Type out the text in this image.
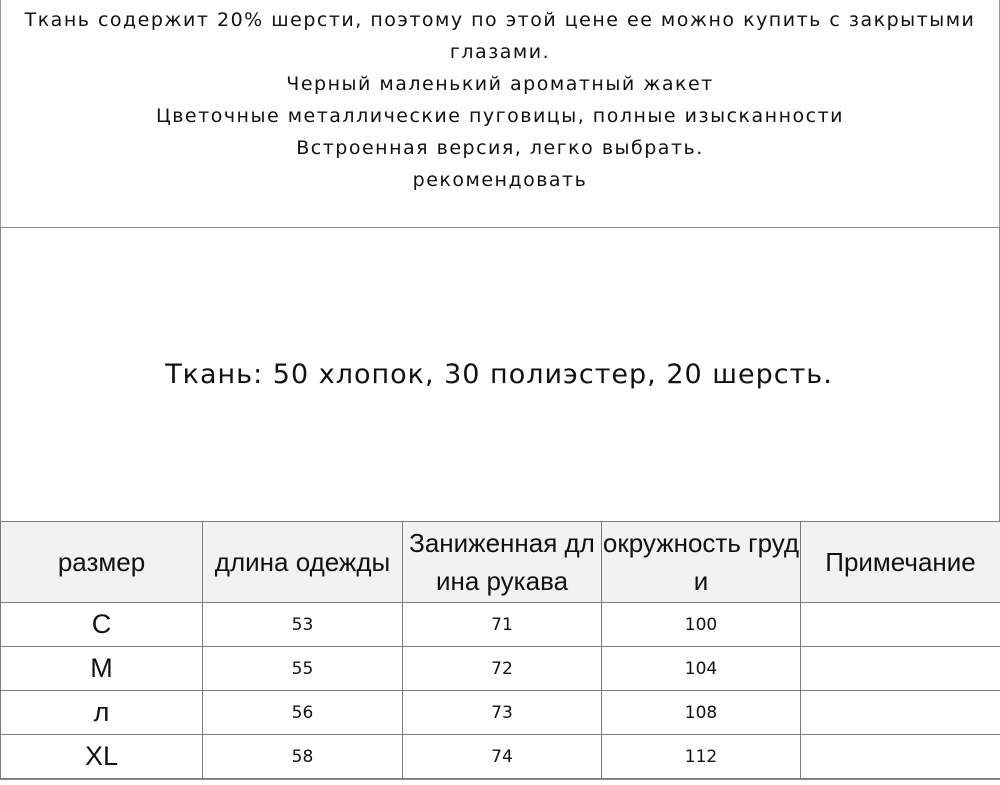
Ткань содержит 20% шерсти, поэтому по этой цене ее можно купить с закрытыми глазами.
Черный маленький ароматный жакет
Цветочные металлические пуговицы, полные изысканности
Встроенная версия, легко выбрать.
рекомендовать
Ткань: 50 хлопок, 30 полиэстер, 20 шерсть.
размер	длина одежды	Заниженная длина рукава	окружность груди	Примечание
С	53	71	100	
M	55	72	104	
л	56	73	108	
XL	58	74	112	
